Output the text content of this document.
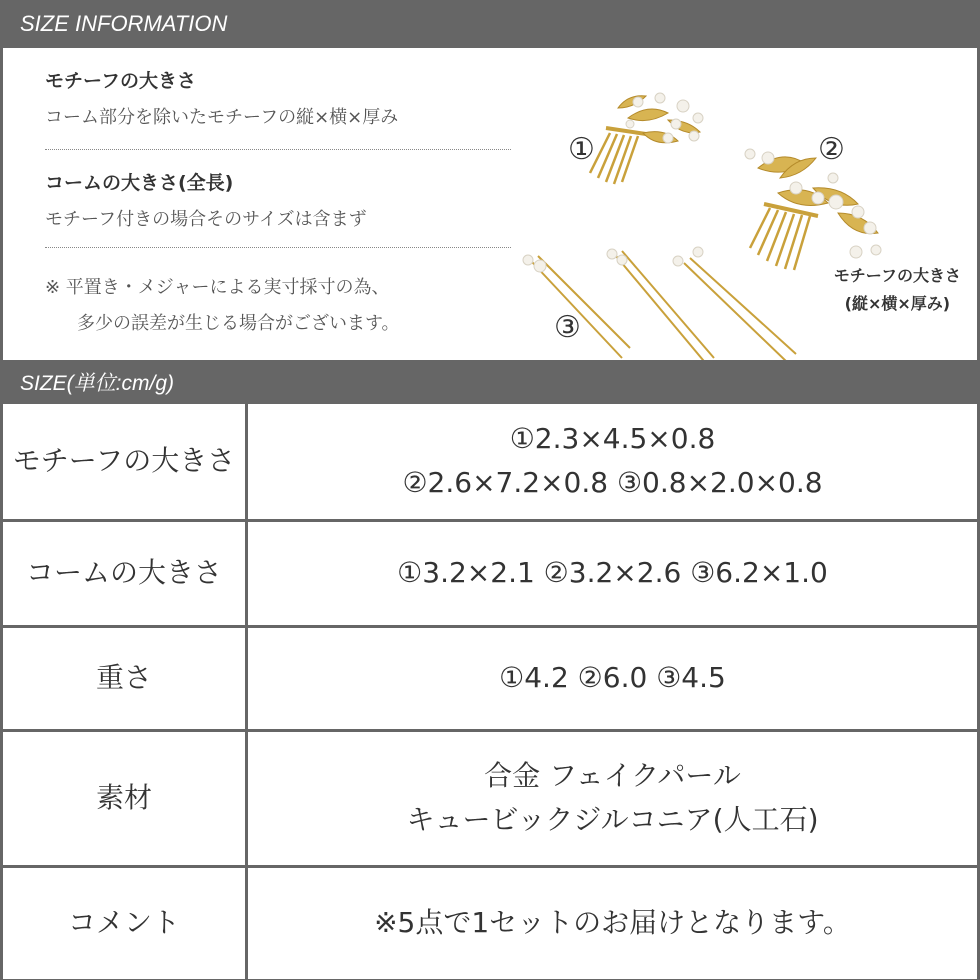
SIZE INFORMATION
モチーフの大きさ
コーム部分を除いたモチーフの縦×横×厚み
コームの大きさ(全長)
モチーフ付きの場合そのサイズは含まず
※ 平置き・メジャーによる実寸採寸の為、
多少の誤差が生じる場合がございます。
①	②
③
モチーフの大きさ
(縦×横×厚み)
SIZE(単位:cm/g)
モチーフの大きさ	①2.3×4.5×0.8
②2.6×7.2×0.8 ③0.8×2.0×0.8

コームの大きさ	①3.2×2.1 ②3.2×2.6 ③6.2×1.0

重さ	①4.2 ②6.0 ③4.5

素材	合金 フェイクパール
キュービックジルコニア(人工石)

コメント	※5点で1セットのお届けとなります。
